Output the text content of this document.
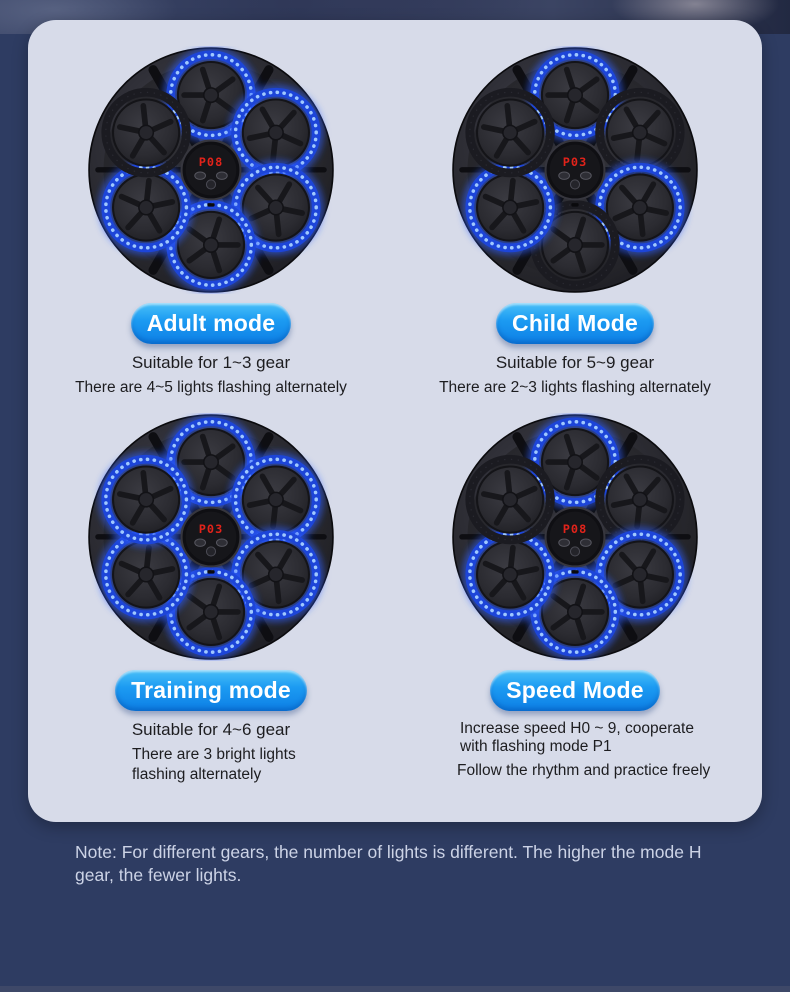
P08
Adult mode
Suitable for 1~3 gear
There are 4~5 lights flashing alternately
P03
Child Mode
Suitable for 5~9 gear
There are 2~3 lights flashing alternately
P03
Training mode
Suitable for 4~6 gear
There are 3 bright lights flashing alternately
P08
Speed Mode
Increase speed H0 ~ 9, cooperate with flashing mode P1
Follow the rhythm and practice freely

Note: For different gears, the number of lights is different. The higher the mode H gear, the fewer lights.
